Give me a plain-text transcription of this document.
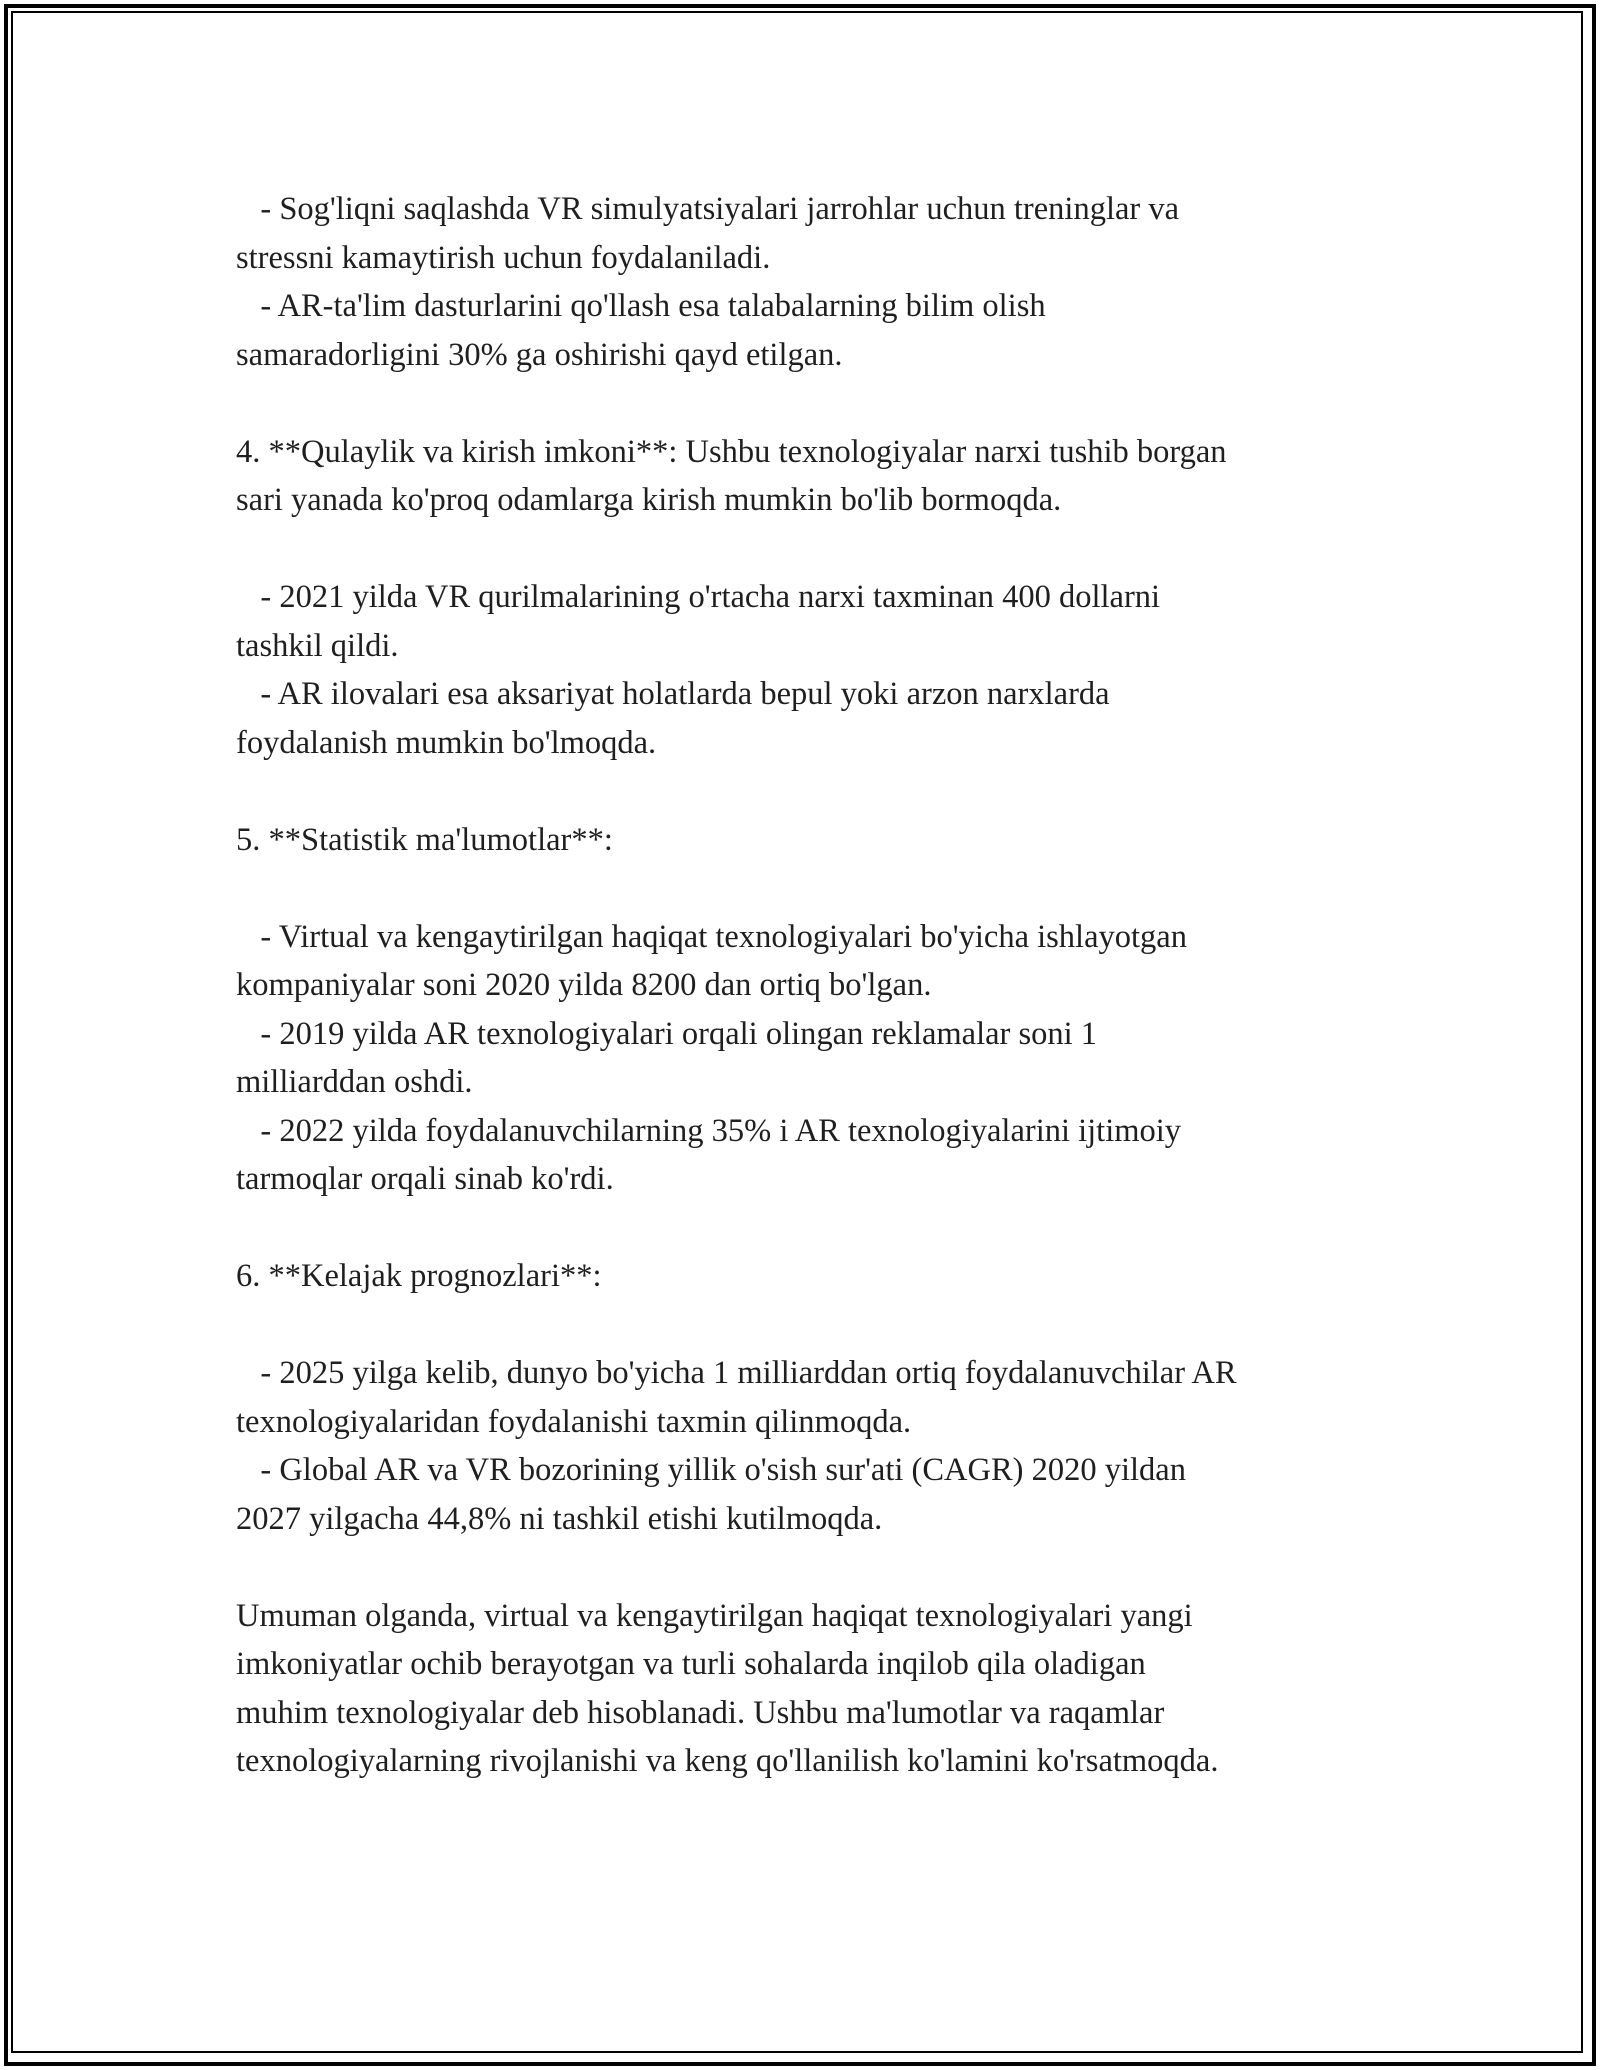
- Sog'liqni saqlashda VR simulyatsiyalari jarrohlar uchun treninglar va
stressni kamaytirish uchun foydalaniladi.
- AR-ta'lim dasturlarini qo'llash esa talabalarning bilim olish
samaradorligini 30% ga oshirishi qayd etilgan.
4. **Qulaylik va kirish imkoni**: Ushbu texnologiyalar narxi tushib borgan
sari yanada ko'proq odamlarga kirish mumkin bo'lib bormoqda.
- 2021 yilda VR qurilmalarining o'rtacha narxi taxminan 400 dollarni
tashkil qildi.
- AR ilovalari esa aksariyat holatlarda bepul yoki arzon narxlarda
foydalanish mumkin bo'lmoqda.
5. **Statistik ma'lumotlar**:
- Virtual va kengaytirilgan haqiqat texnologiyalari bo'yicha ishlayotgan
kompaniyalar soni 2020 yilda 8200 dan ortiq bo'lgan.
- 2019 yilda AR texnologiyalari orqali olingan reklamalar soni 1
milliarddan oshdi.
- 2022 yilda foydalanuvchilarning 35% i AR texnologiyalarini ijtimoiy
tarmoqlar orqali sinab ko'rdi.
6. **Kelajak prognozlari**:
- 2025 yilga kelib, dunyo bo'yicha 1 milliarddan ortiq foydalanuvchilar AR
texnologiyalaridan foydalanishi taxmin qilinmoqda.
- Global AR va VR bozorining yillik o'sish sur'ati (CAGR) 2020 yildan
2027 yilgacha 44,8% ni tashkil etishi kutilmoqda.
Umuman olganda, virtual va kengaytirilgan haqiqat texnologiyalari yangi
imkoniyatlar ochib berayotgan va turli sohalarda inqilob qila oladigan
muhim texnologiyalar deb hisoblanadi. Ushbu ma'lumotlar va raqamlar
texnologiyalarning rivojlanishi va keng qo'llanilish ko'lamini ko'rsatmoqda.
